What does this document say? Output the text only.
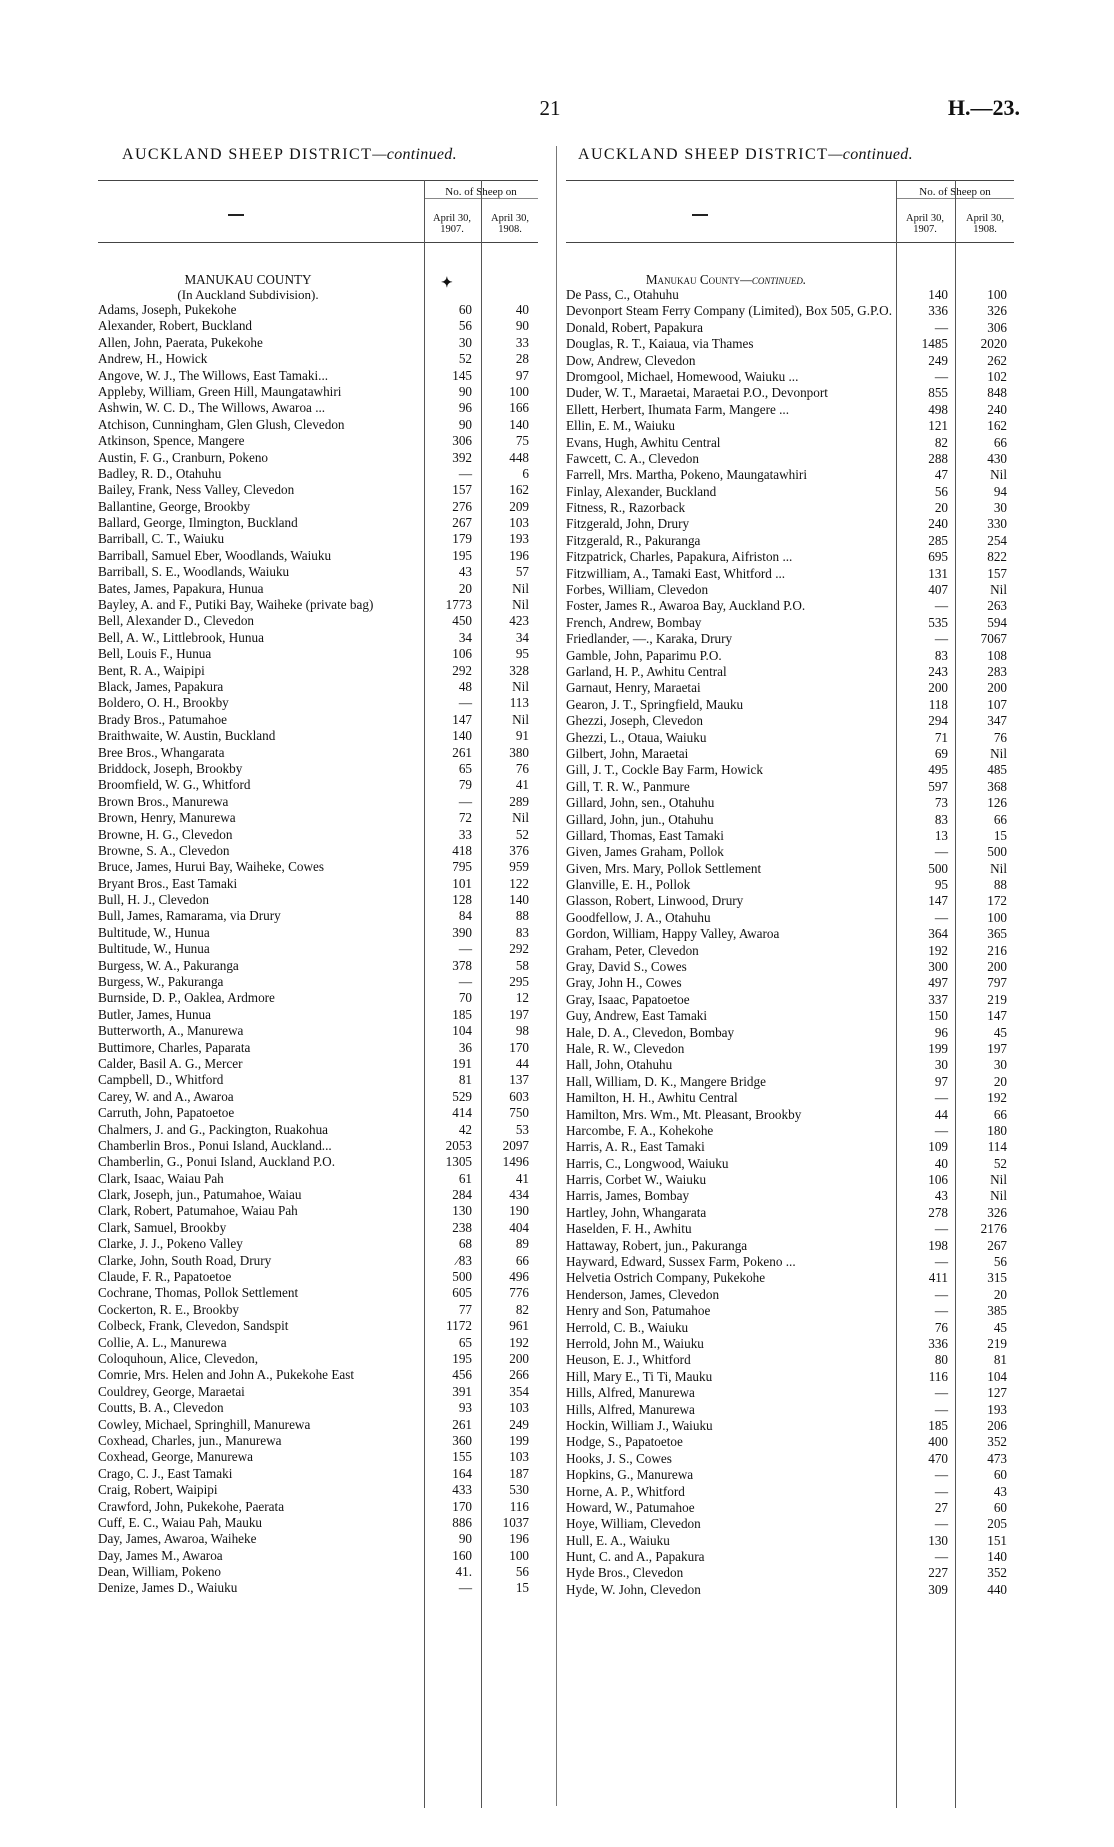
21	H.—23.
AUCKLAND SHEEP DISTRICT—continued.
No. of Sheep on
April 30, 1907.
April 30, 1908.
✦
MANUKAU COUNTY
(In Auckland Subdivision).
Adams, Joseph, Pukekohe	60	40
Alexander, Robert, Buckland	56	90
Allen, John, Paerata, Pukekohe	30	33
Andrew, H., Howick	52	28
Angove, W. J., The Willows, East Tamaki...	145	97
Appleby, William, Green Hill, Maungatawhiri	90	100
Ashwin, W. C. D., The Willows, Awaroa ...	96	166
Atchison, Cunningham, Glen Glush, Clevedon	90	140
Atkinson, Spence, Mangere	306	75
Austin, F. G., Cranburn, Pokeno	392	448
Badley, R. D., Otahuhu	—	6
Bailey, Frank, Ness Valley, Clevedon	157	162
Ballantine, George, Brookby	276	209
Ballard, George, Ilmington, Buckland	267	103
Barriball, C. T., Waiuku	179	193
Barriball, Samuel Eber, Woodlands, Waiuku	195	196
Barriball, S. E., Woodlands, Waiuku	43	57
Bates, James, Papakura, Hunua	20	Nil
Bayley, A. and F., Putiki Bay, Waiheke (private bag)	1773	Nil
Bell, Alexander D., Clevedon	450	423
Bell, A. W., Littlebrook, Hunua	34	34
Bell, Louis F., Hunua	106	95
Bent, R. A., Waipipi	292	328
Black, James, Papakura	48	Nil
Boldero, O. H., Brookby	—	113
Brady Bros., Patumahoe	147	Nil
Braithwaite, W. Austin, Buckland	140	91
Bree Bros., Whangarata	261	380
Briddock, Joseph, Brookby	65	76
Broomfield, W. G., Whitford	79	41
Brown Bros., Manurewa	—	289
Brown, Henry, Manurewa	72	Nil
Browne, H. G., Clevedon	33	52
Browne, S. A., Clevedon	418	376
Bruce, James, Hurui Bay, Waiheke, Cowes	795	959
Bryant Bros., East Tamaki	101	122
Bull, H. J., Clevedon	128	140
Bull, James, Ramarama, via Drury	84	88
Bultitude, W., Hunua	390	83
Bultitude, W., Hunua	—	292
Burgess, W. A., Pakuranga	378	58
Burgess, W., Pakuranga	—	295
Burnside, D. P., Oaklea, Ardmore	70	12
Butler, James, Hunua	185	197
Butterworth, A., Manurewa	104	98
Buttimore, Charles, Paparata	36	170
Calder, Basil A. G., Mercer	191	44
Campbell, D., Whitford	81	137
Carey, W. and A., Awaroa	529	603
Carruth, John, Papatoetoe	414	750
Chalmers, J. and G., Packington, Ruakohua	42	53
Chamberlin Bros., Ponui Island, Auckland...	2053	2097
Chamberlin, G., Ponui Island, Auckland P.O.	1305	1496
Clark, Isaac, Waiau Pah	61	41
Clark, Joseph, jun., Patumahoe, Waiau	284	434
Clark, Robert, Patumahoe, Waiau Pah	130	190
Clark, Samuel, Brookby	238	404
Clarke, J. J., Pokeno Valley	68	89
Clarke, John, South Road, Drury	⁄83	66
Claude, F. R., Papatoetoe	500	496
Cochrane, Thomas, Pollok Settlement	605	776
Cockerton, R. E., Brookby	77	82
Colbeck, Frank, Clevedon, Sandspit	1172	961
Collie, A. L., Manurewa	65	192
Coloquhoun, Alice, Clevedon,	195	200
Comrie, Mrs. Helen and John A., Pukekohe East	456	266
Couldrey, George, Maraetai	391	354
Coutts, B. A., Clevedon	93	103
Cowley, Michael, Springhill, Manurewa	261	249
Coxhead, Charles, jun., Manurewa	360	199
Coxhead, George, Manurewa	155	103
Crago, C. J., East Tamaki	164	187
Craig, Robert, Waipipi	433	530
Crawford, John, Pukekohe, Paerata	170	116
Cuff, E. C., Waiau Pah, Mauku	886	1037
Day, James, Awaroa, Waiheke	90	196
Day, James M., Awaroa	160	100
Dean, William, Pokeno	41.	56
Denize, James D., Waiuku	—	15
AUCKLAND SHEEP DISTRICT—continued.
No. of Sheep on
April 30, 1907.
April 30, 1908.
Manukau County—continued.
De Pass, C., Otahuhu	140	100
Devonport Steam Ferry Company (Limited), Box 505, G.P.O.	336	326
Donald, Robert, Papakura	—	306
Douglas, R. T., Kaiaua, via Thames	1485	2020
Dow, Andrew, Clevedon	249	262
Dromgool, Michael, Homewood, Waiuku ...	—	102
Duder, W. T., Maraetai, Maraetai P.O., Devonport	855	848
Ellett, Herbert, Ihumata Farm, Mangere ...	498	240
Ellin, E. M., Waiuku	121	162
Evans, Hugh, Awhitu Central	82	66
Fawcett, C. A., Clevedon	288	430
Farrell, Mrs. Martha, Pokeno, Maungatawhiri	47	Nil
Finlay, Alexander, Buckland	56	94
Fitness, R., Razorback	20	30
Fitzgerald, John, Drury	240	330
Fitzgerald, R., Pakuranga	285	254
Fitzpatrick, Charles, Papakura, Aifriston ...	695	822
Fitzwilliam, A., Tamaki East, Whitford ...	131	157
Forbes, William, Clevedon	407	Nil
Foster, James R., Awaroa Bay, Auckland P.O.	—	263
French, Andrew, Bombay	535	594
Friedlander, —., Karaka, Drury	—	7067
Gamble, John, Paparimu P.O.	83	108
Garland, H. P., Awhitu Central	243	283
Garnaut, Henry, Maraetai	200	200
Gearon, J. T., Springfield, Mauku	118	107
Ghezzi, Joseph, Clevedon	294	347
Ghezzi, L., Otaua, Waiuku	71	76
Gilbert, John, Maraetai	69	Nil
Gill, J. T., Cockle Bay Farm, Howick	495	485
Gill, T. R. W., Panmure	597	368
Gillard, John, sen., Otahuhu	73	126
Gillard, John, jun., Otahuhu	83	66
Gillard, Thomas, East Tamaki	13	15
Given, James Graham, Pollok	—	500
Given, Mrs. Mary, Pollok Settlement	500	Nil
Glanville, E. H., Pollok	95	88
Glasson, Robert, Linwood, Drury	147	172
Goodfellow, J. A., Otahuhu	—	100
Gordon, William, Happy Valley, Awaroa	364	365
Graham, Peter, Clevedon	192	216
Gray, David S., Cowes	300	200
Gray, John H., Cowes	497	797
Gray, Isaac, Papatoetoe	337	219
Guy, Andrew, East Tamaki	150	147
Hale, D. A., Clevedon, Bombay	96	45
Hale, R. W., Clevedon	199	197
Hall, John, Otahuhu	30	30
Hall, William, D. K., Mangere Bridge	97	20
Hamilton, H. H., Awhitu Central	—	192
Hamilton, Mrs. Wm., Mt. Pleasant, Brookby	44	66
Harcombe, F. A., Kohekohe	—	180
Harris, A. R., East Tamaki	109	114
Harris, C., Longwood, Waiuku	40	52
Harris, Corbet W., Waiuku	106	Nil
Harris, James, Bombay	43	Nil
Hartley, John, Whangarata	278	326
Haselden, F. H., Awhitu	—	2176
Hattaway, Robert, jun., Pakuranga	198	267
Hayward, Edward, Sussex Farm, Pokeno ...	—	56
Helvetia Ostrich Company, Pukekohe	411	315
Henderson, James, Clevedon	—	20
Henry and Son, Patumahoe	—	385
Herrold, C. B., Waiuku	76	45
Herrold, John M., Waiuku	336	219
Heuson, E. J., Whitford	80	81
Hill, Mary E., Ti Ti, Mauku	116	104
Hills, Alfred, Manurewa	—	127
Hills, Alfred, Manurewa	—	193
Hockin, William J., Waiuku	185	206
Hodge, S., Papatoetoe	400	352
Hooks, J. S., Cowes	470	473
Hopkins, G., Manurewa	—	60
Horne, A. P., Whitford	—	43
Howard, W., Patumahoe	27	60
Hoye, William, Clevedon	—	205
Hull, E. A., Waiuku	130	151
Hunt, C. and A., Papakura	—	140
Hyde Bros., Clevedon	227	352
Hyde, W. John, Clevedon	309	440
